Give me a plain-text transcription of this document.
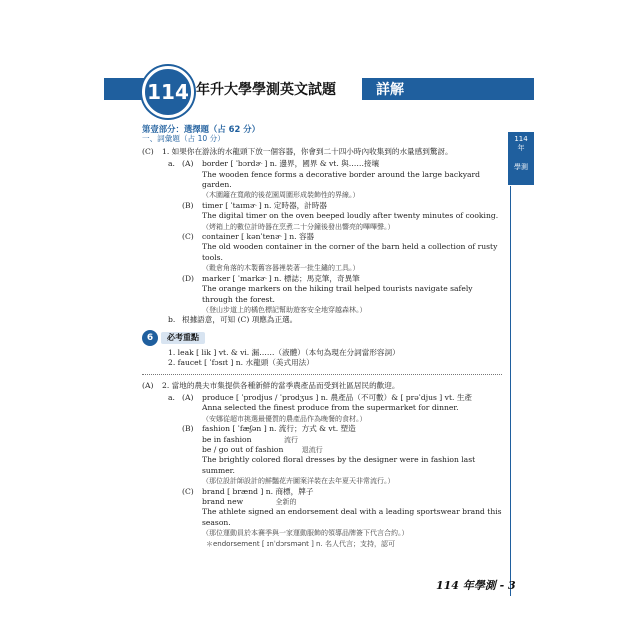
114 年升大學學測英文試題	詳解
114
年
學測
第壹部分：選擇題（占 62 分）
一、詞彙題（占 10 分）
(C)	1. 如果你在游泳的水龍頭下放一個容器，你會到二十四小時內收集到的水量感到驚訝。
a. (A)	border [ ˈbɔrdɚ ] n. 邊界，國界 & vt. 與……接壤
The wooden fence forms a decorative border around the large backyard garden.
（木圍籬在寬敞的後花園周圍形成裝飾性的界線。）
(B)	timer [ ˈtaɪmɚ ] n. 定時器，計時器
The digital timer on the oven beeped loudly after twenty minutes of cooking.
（烤箱上的數位計時器在烹煮二十分鐘後發出響亮的嗶嗶聲。）
(C)	container [ kənˈtenɚ ] n. 容器
The old wooden container in the corner of the barn held a collection of rusty tools.
（穀倉角落的木製舊容器裡裝著一批生鏽的工具。）
(D)	marker [ ˈmarkɚ ] n. 標誌；馬克筆，奇異筆
The orange markers on the hiking trail helped tourists navigate safely through the forest.
（登山步道上的橘色標記幫助遊客安全地穿越森林。）
b. 根據語意，可知 (C) 項應為正選。
6	必考重點
1. leak [ lik ] vt. & vi. 漏……（液體）（本句為現在分詞當形容詞）
2. faucet [ ˈfɔsɪt ] n. 水龍頭（美式用法）
(A)	2. 當地的農夫市集提供各種新鮮的當季農產品而受到社區居民的歡迎。
a. (A)	produce [ ˈprodjus / ˈprodʒus ] n. 農產品（不可數）& [ prəˈdjus ] vt. 生產
Anna selected the finest produce from the supermarket for dinner.
（安娜從超市挑選最優質的農產品作為晚餐的食材。）
(B)	fashion [ ˈfæʃən ] n. 流行；方式 & vt. 塑造
be in fashion	流行
be / go out of fashion	退流行
The brightly colored floral dresses by the designer were in fashion last summer.
（那位設計師設計的鮮豔花卉圖案洋裝在去年夏天非常流行。）
(C)	brand [ brænd ] n. 商標，牌子
brand new	全新的
The athlete signed an endorsement deal with a leading sportswear brand this
season.
（那位運動員於本賽季與一家運動服飾的領導品牌簽下代言合約。）
＊endorsement [ ɪnˈdɔrsmənt ] n. 名人代言；支持，認可
114 年學測 - 3
